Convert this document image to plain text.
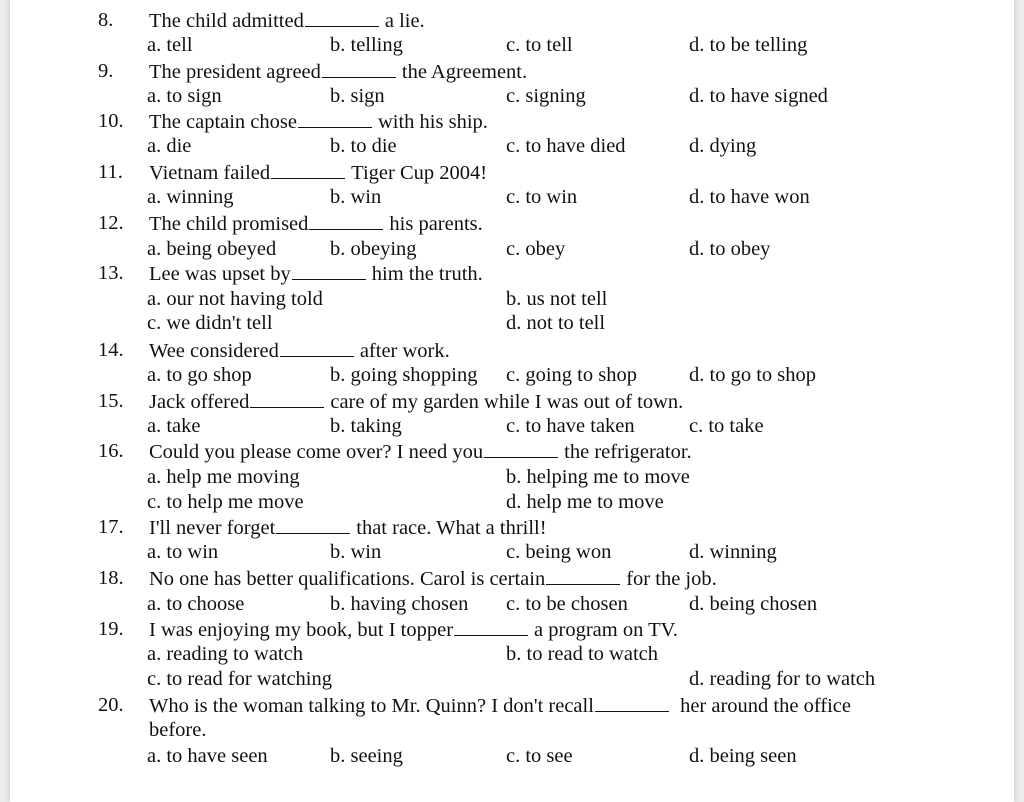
8. The child admitted	a lie.
a. tell	b. telling	c. to tell	d. to be telling
9. The president agreed	the Agreement.
a. to sign	b. sign	c. signing	d. to have signed
10. The captain chose	with his ship.
a. die	b. to die	c. to have died	d. dying
11. Vietnam failed	Tiger Cup 2004!
a. winning	b. win	c. to win	d. to have won
12. The child promised	his parents.
a. being obeyed	b. obeying	c. obey	d. to obey
13. Lee was upset by	him the truth.
a. our not having told	b. us not tell
c. we didn't tell	d. not to tell
14. Wee considered	after work.
a. to go shop	b. going shopping c. going to shop	d. to go to shop
15. Jack offered	care of my garden while I was out of town.
a. take	b. taking	c. to have taken	c. to take
16. Could you please come over? I need you	the refrigerator.
a. help me moving	b. helping me to move
c. to help me move	d. help me to move
17. I'll never forget	that race. What a thrill!
a. to win	b. win	c. being won	d. winning
18. No one has better qualifications. Carol is certain	for the job.
a. to choose	b. having chosen c. to be chosen	d. being chosen
19. I was enjoying my book, but I topper	a program on TV.
a. reading to watch	b. to read to watch
c. to read for watching	d. reading for to watch
20. Who is the woman talking to Mr. Quinn? I don't recall	her around the office
before.
a. to have seen	b. seeing	c. to see	d. being seen
